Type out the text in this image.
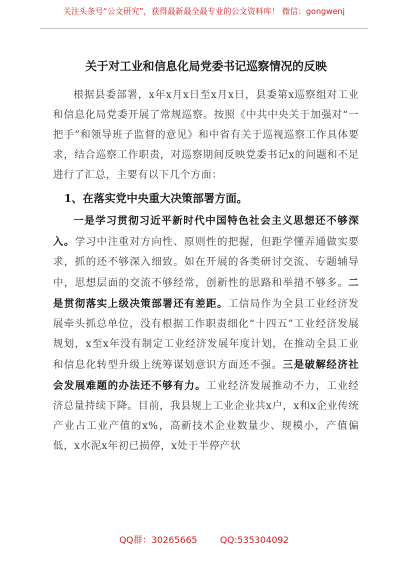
关注头条号“公文研究”，获得最新最全最专业的公文资料库！ 微信：gongwenj
关于对工业和信息化局党委书记巡察情况的反映

根据县委部署，x年x月x日至x月x日，县委第x巡察组对工业和信息化局党委开展了常规巡察。按照《中共中央关于加强对“一把手”和领导班子监督的意见》和中省有关于巡视巡察工作具体要求，结合巡察工作职责，对巡察期间反映党委书记x的问题和不足进行了汇总，主要有以下几个方面：

1、在落实党中央重大决策部署方面。

一是学习贯彻习近平新时代中国特色社会主义思想还不够深入。学习中注重对方向性、原则性的把握，但距学懂弄通做实要求，抓的还不够深入细致。如在开展的各类研讨交流、专题辅导中，思想层面的交流不够经常，创新性的思路和举措不够多。二是贯彻落实上级决策部署还有差距。工信局作为全县工业经济发展牵头抓总单位，没有根据工作职责细化“十四五”工业经济发展规划，x至x年没有制定工业经济发展年度计划，在推动全县工业和信息化转型升级上统筹谋划意识方面还不强。三是破解经济社会发展难题的办法还不够有力。工业经济发展推动不力，工业经济总量持续下降。目前，我县规上工业企业共x户，x和x企业传统产业占工业产值的x%，高新技术企业数量少、规模小，产值偏低，x水泥x年初已损停，x处于半停产状

QQ群：30265665	QQ:535304092
